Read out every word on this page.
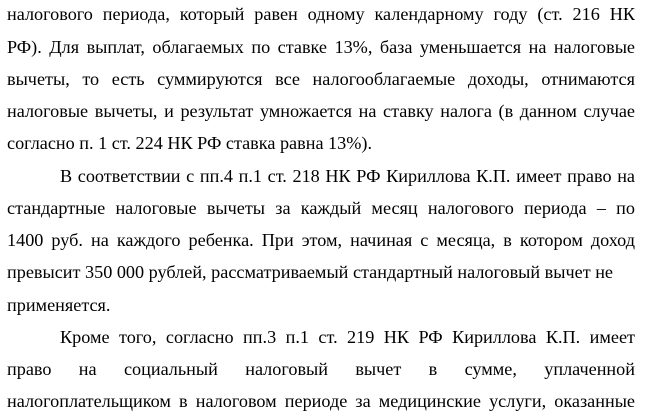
налогового периода, который равен одному календарному году (ст. 216 НК
РФ). Для выплат, облагаемых по ставке 13%, база уменьшается на налоговые
вычеты, то есть суммируются все налогооблагаемые доходы, отнимаются
налоговые вычеты, и результат умножается на ставку налога (в данном случае
согласно п. 1 ст. 224 НК РФ ставка равна 13%).
В соответствии с пп.4 п.1 ст. 218 НК РФ Кириллова К.П. имеет право на
стандартные налоговые вычеты за каждый месяц налогового периода – по
1400 руб. на каждого ребенка. При этом, начиная с месяца, в котором доход
превысит 350 000 рублей, рассматриваемый стандартный налоговый вычет не
применяется.
Кроме того, согласно пп.3 п.1 ст. 219 НК РФ Кириллова К.П. имеет
право на социальный налоговый вычет в сумме, уплаченной
налогоплательщиком в налоговом периоде за медицинские услуги, оказанные
